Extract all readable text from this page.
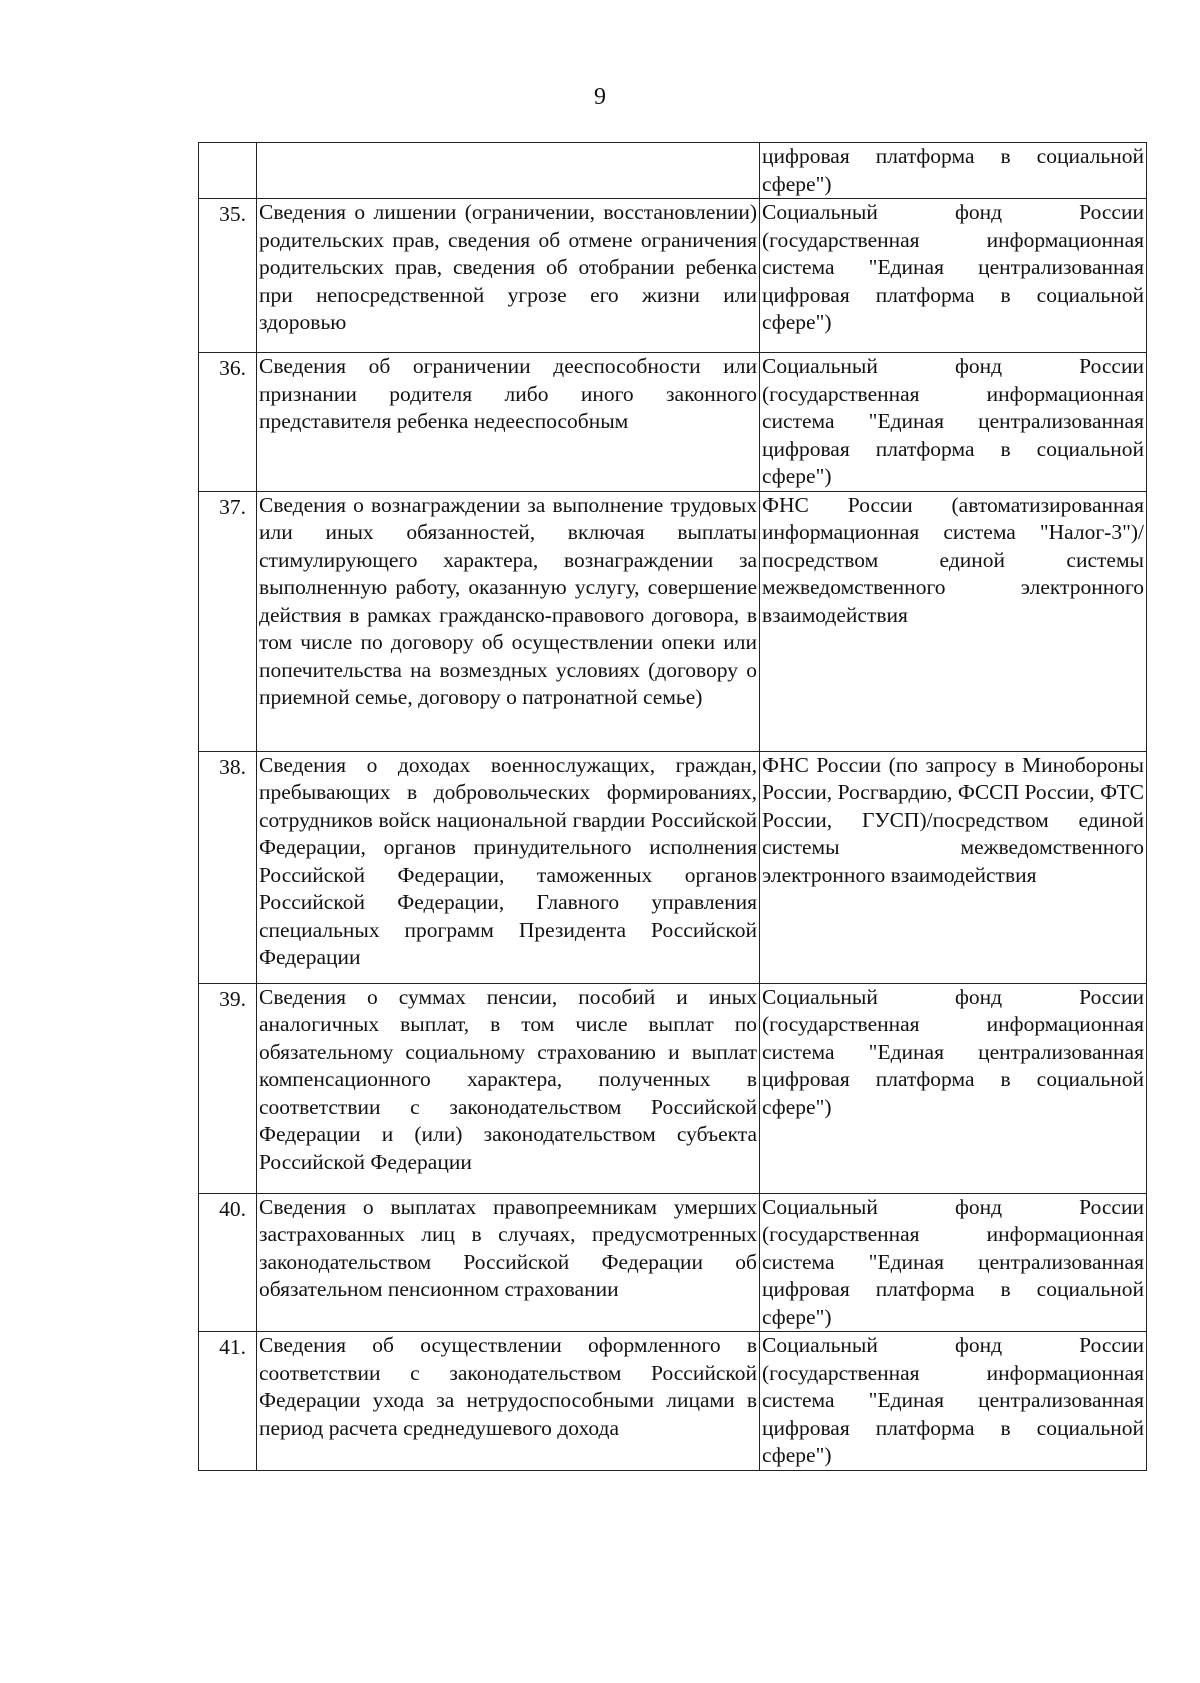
9
		цифровая платформа в социальной сфере")
35.	Сведения о лишении (ограничении, восстановлении) родительских прав, сведения об отмене ограничения родительских прав, сведения об отобрании ребенка при непосредственной угрозе его жизни или здоровью	Социальный фонд России (государственная информационная система "Единая централизованная цифровая платформа в социальной сфере")
36.	Сведения об ограничении дееспособности или признании родителя либо иного законного представителя ребенка недееспособным	Социальный фонд России (государственная информационная система "Единая централизованная цифровая платформа в социальной сфере")
37.	Сведения о вознаграждении за выполнение трудовых или иных обязанностей, включая выплаты стимулирующего характера, вознаграждении за выполненную работу, оказанную услугу, совершение действия в рамках гражданско-правового договора, в том числе по договору об осуществлении опеки или попечительства на возмездных условиях (договору о приемной семье, договору о патронатной семье)	ФНС России (автоматизированная информационная система "Налог-3")/посредством единой системы межведомственного электронного взаимодействия
38.	Сведения о доходах военнослужащих, граждан, пребывающих в добровольческих формированиях, сотрудников войск национальной гвардии Российской Федерации, органов принудительного исполнения Российской Федерации, таможенных органов Российской Федерации, Главного управления специальных программ Президента Российской Федерации	ФНС России (по запросу в Минобороны России, Росгвардию, ФССП России, ФТС России, ГУСП)/посредством единой системы межведомственного электронного взаимодействия
39.	Сведения о суммах пенсии, пособий и иных аналогичных выплат, в том числе выплат по обязательному социальному страхованию и выплат компенсационного характера, полученных в соответствии с законодательством Российской Федерации и (или) законодательством субъекта Российской Федерации	Социальный фонд России (государственная информационная система "Единая централизованная цифровая платформа в социальной сфере")
40.	Сведения о выплатах правопреемникам умерших застрахованных лиц в случаях, предусмотренных законодательством Российской Федерации об обязательном пенсионном страховании	Социальный фонд России (государственная информационная система "Единая централизованная цифровая платформа в социальной сфере")
41.	Сведения об осуществлении оформленного в соответствии с законодательством Российской Федерации ухода за нетрудоспособными лицами в период расчета среднедушевого дохода	Социальный фонд России (государственная информационная система "Единая централизованная цифровая платформа в социальной сфере")
